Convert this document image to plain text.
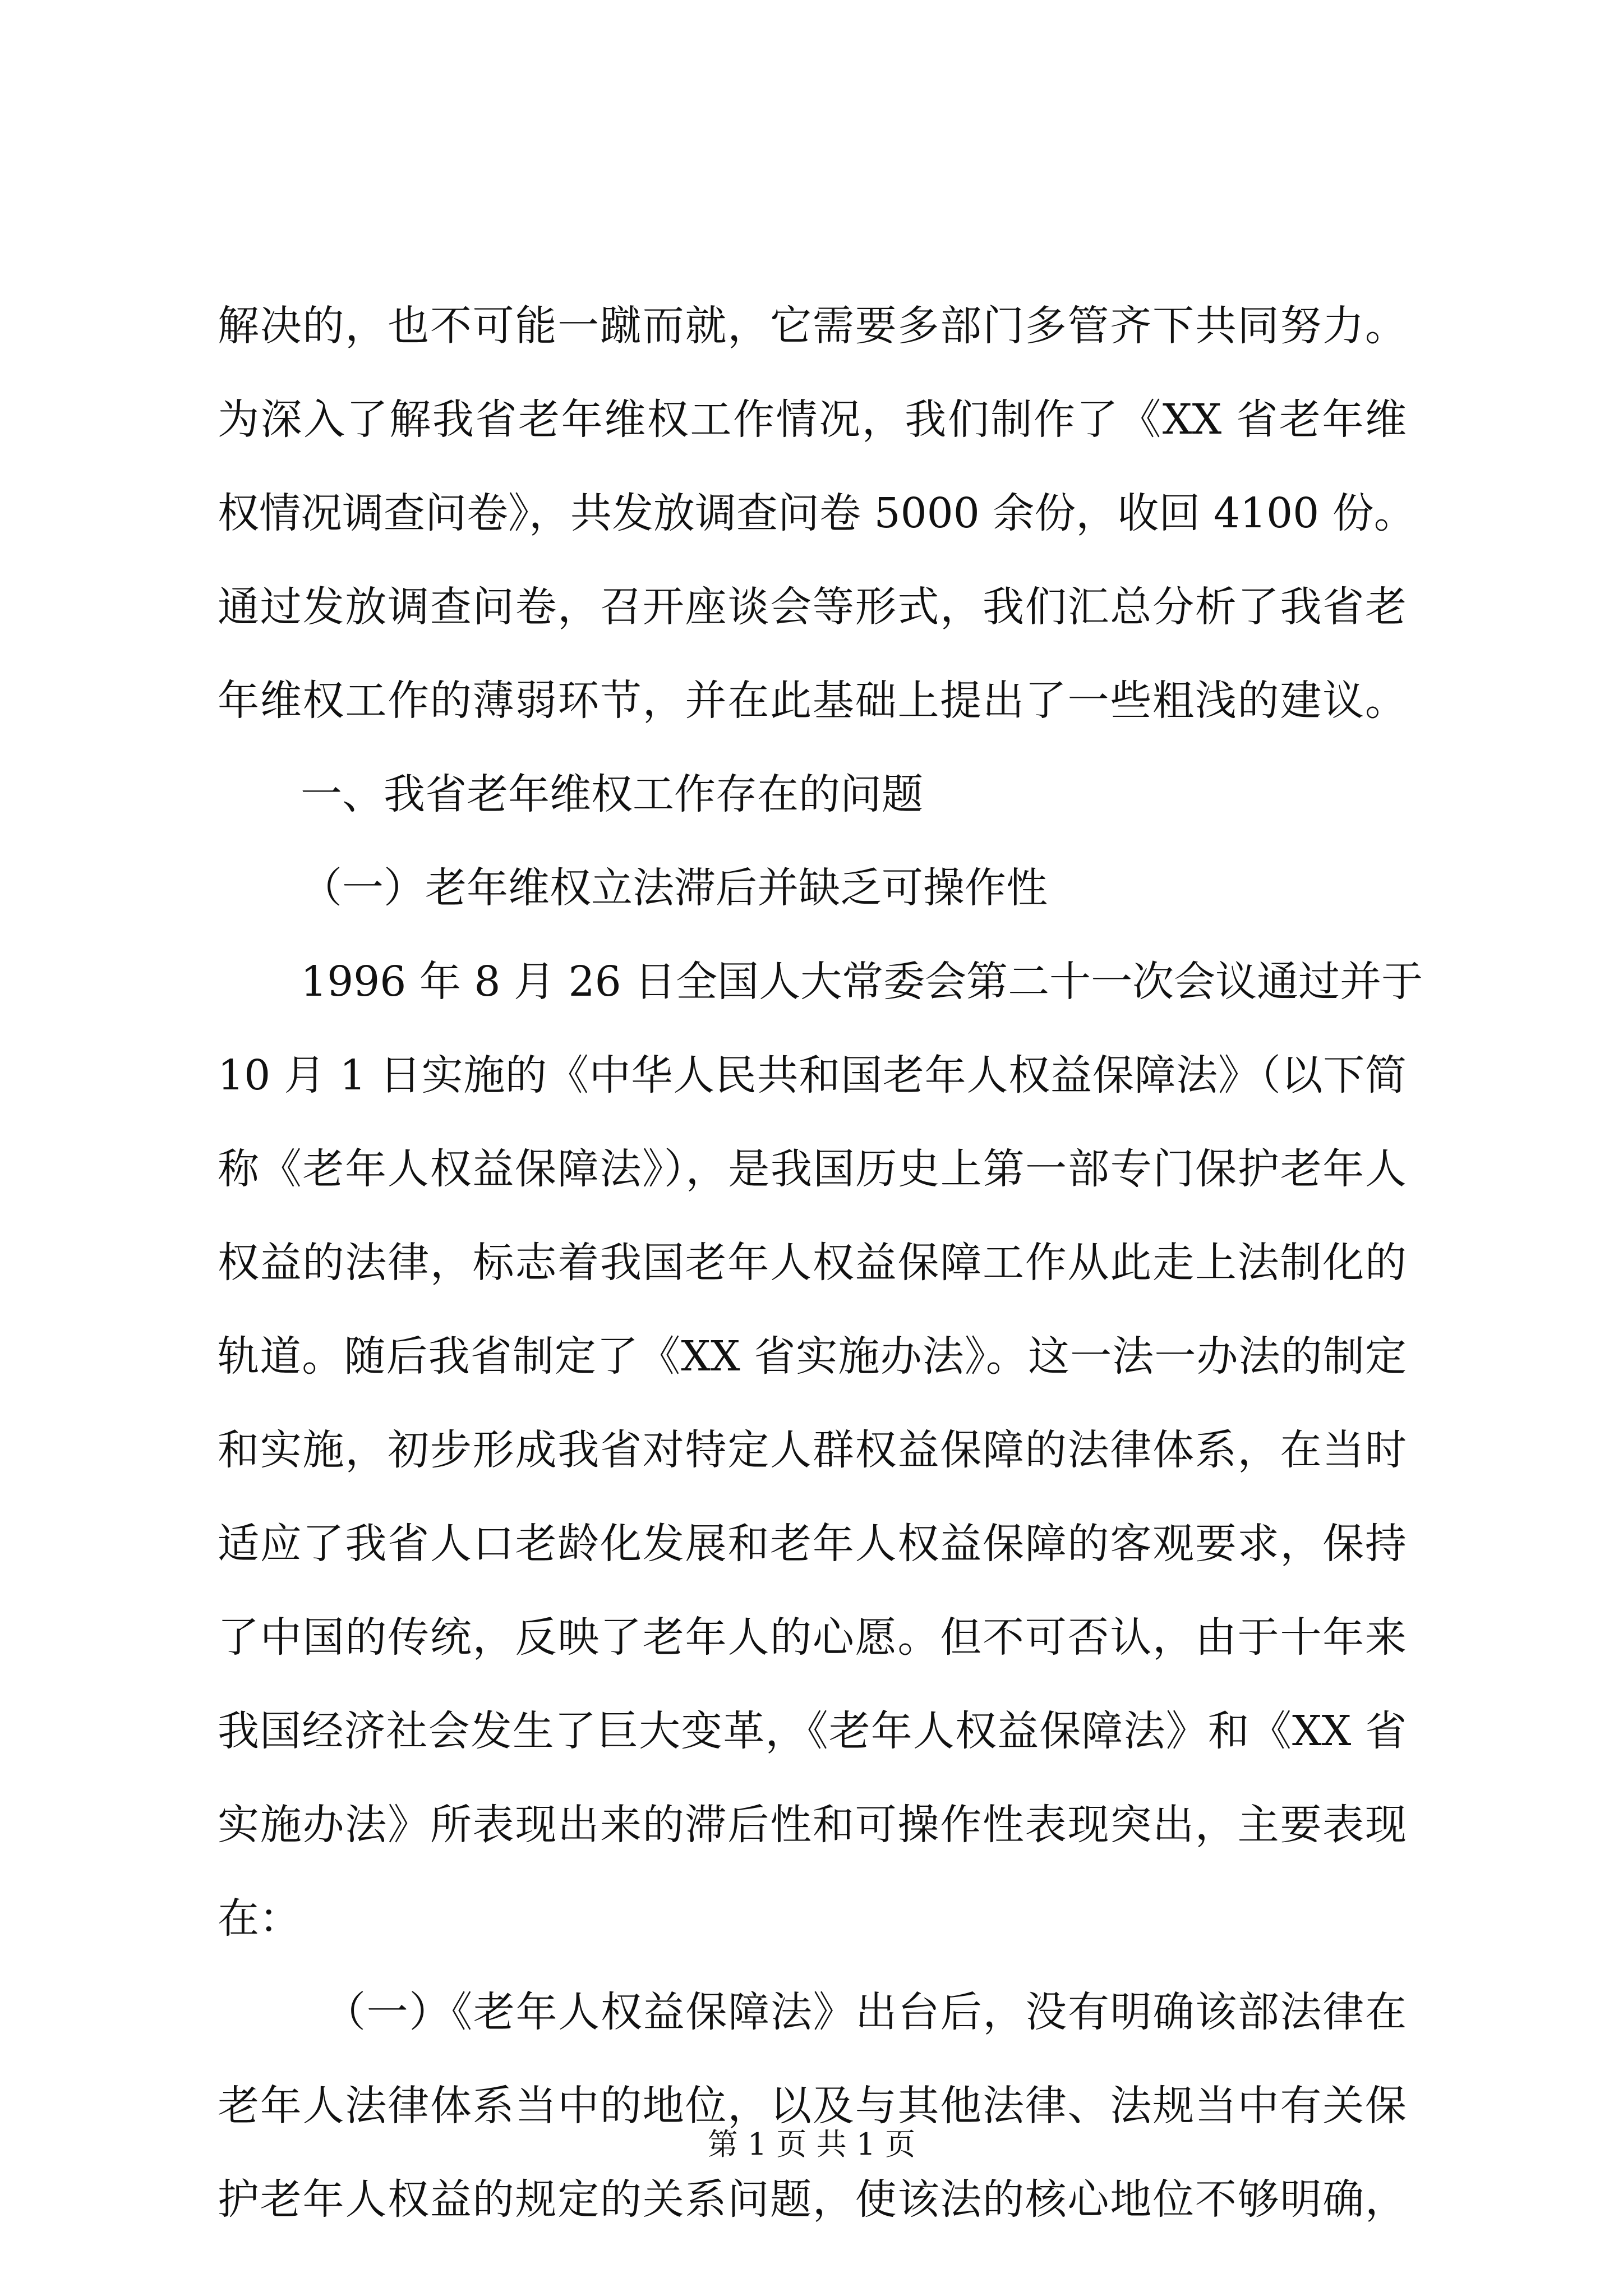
解决的，也不可能一蹴而就，它需要多部门多管齐下共同努力。
为深入了解我省老年维权工作情况，我们制作了《XX 省老年维
权情况调查问卷》，共发放调查问卷 5000 余份，收回 4100 份。
通过发放调查问卷，召开座谈会等形式，我们汇总分析了我省老
年维权工作的薄弱环节，并在此基础上提出了一些粗浅的建议。
一、我省老年维权工作存在的问题
（一）老年维权立法滞后并缺乏可操作性
1996 年 8 月 26 日全国人大常委会第二十一次会议通过并于
10 月 1 日实施的《中华人民共和国老年人权益保障法》（以下简
称《老年人权益保障法》），是我国历史上第一部专门保护老年人
权益的法律，标志着我国老年人权益保障工作从此走上法制化的
轨道。随后我省制定了《XX 省实施办法》。这一法一办法的制定
和实施，初步形成我省对特定人群权益保障的法律体系，在当时
适应了我省人口老龄化发展和老年人权益保障的客观要求，保持
了中国的传统，反映了老年人的心愿。但不可否认，由于十年来
我国经济社会发生了巨大变革，《老年人权益保障法》和《XX 省
实施办法》所表现出来的滞后性和可操作性表现突出，主要表现
在：
（一）《老年人权益保障法》出台后，没有明确该部法律在
老年人法律体系当中的地位，以及与其他法律、法规当中有关保
护老年人权益的规定的关系问题，使该法的核心地位不够明确，
第 1 页 共 1 页
